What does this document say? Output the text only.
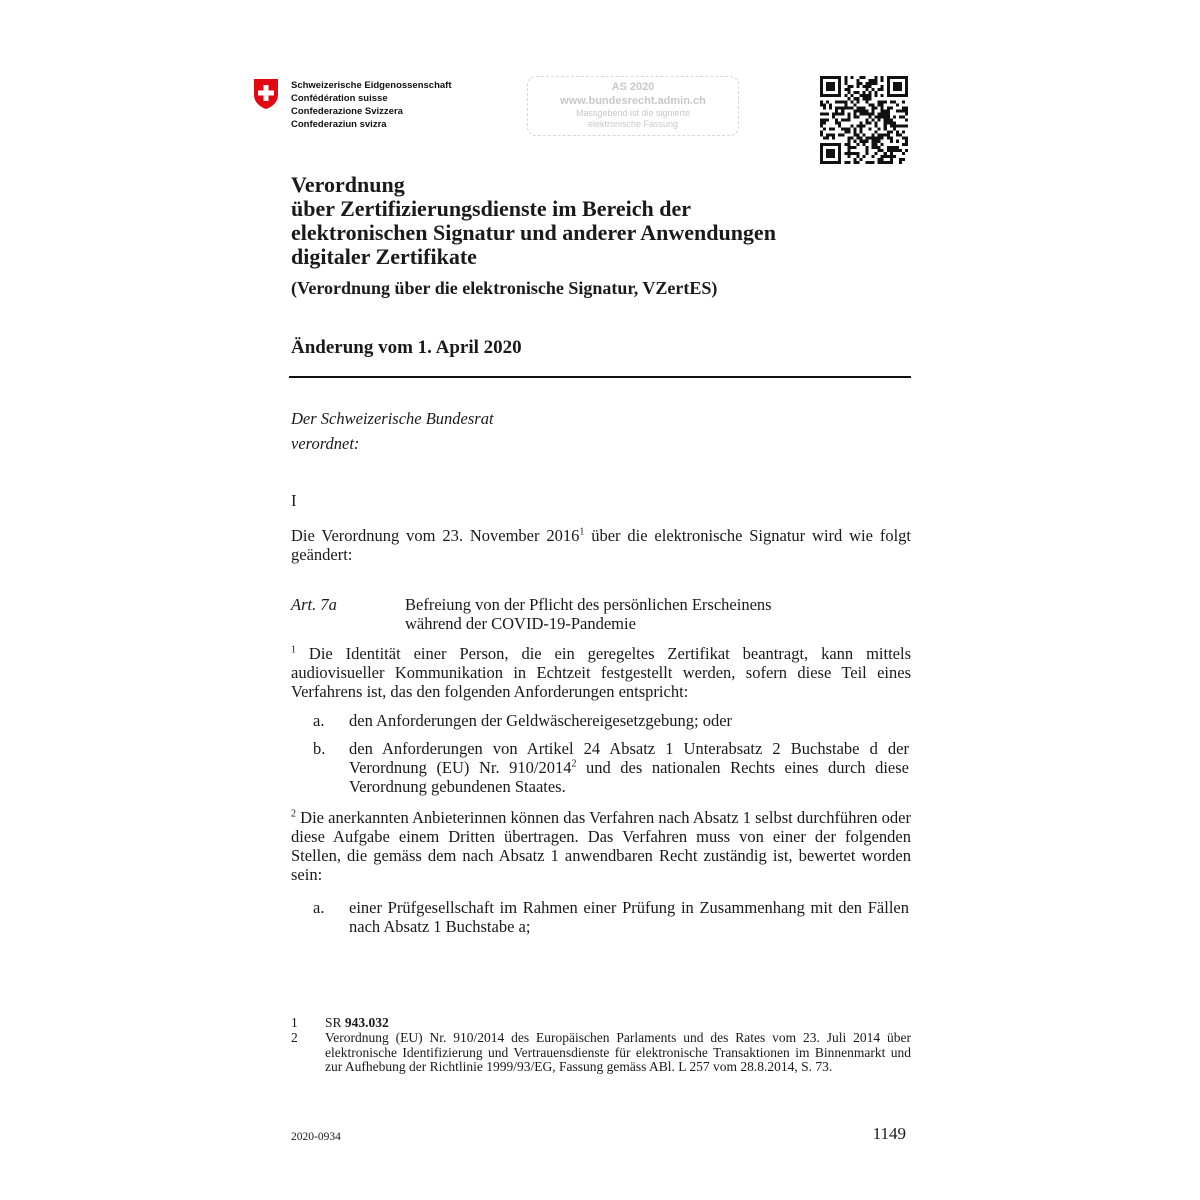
Schweizerische Eidgenossenschaft
Confédération suisse
Confederazione Svizzera
Confederaziun svizra
AS 2020
www.bundesrecht.admin.ch
Massgebend ist die signierte
elektronische Fassung
Verordnung
über Zertifizierungsdienste im Bereich der
elektronischen Signatur und anderer Anwendungen
digitaler Zertifikate
(Verordnung über die elektronische Signatur, VZertES)
Änderung vom 1. April 2020
Der Schweizerische Bundesrat
verordnet:
I
Die Verordnung vom 23. November 2016$^1$ über die elektronische Signatur wird wie folgt geändert:
Art. 7a	Befreiung von der Pflicht des persönlichen Erscheinens
während der COVID-19-Pandemie
$^1$ Die Identität einer Person, die ein geregeltes Zertifikat beantragt, kann mittels audiovisueller Kommunikation in Echtzeit festgestellt werden, sofern diese Teil eines Verfahrens ist, das den folgenden Anforderungen entspricht:
a. den Anforderungen der Geldwäschereigesetzgebung; oder
b. den Anforderungen von Artikel 24 Absatz 1 Unterabsatz 2 Buchstabe d der Verordnung (EU) Nr. 910/2014$^2$ und des nationalen Rechts eines durch diese Verordnung gebundenen Staates.
$^2$ Die anerkannten Anbieterinnen können das Verfahren nach Absatz 1 selbst durchführen oder diese Aufgabe einem Dritten übertragen. Das Verfahren muss von einer der folgenden Stellen, die gemäss dem nach Absatz 1 anwendbaren Recht zuständig ist, bewertet worden sein:
a. einer Prüfgesellschaft im Rahmen einer Prüfung in Zusammenhang mit den Fällen nach Absatz 1 Buchstabe a;
1 SR 943.032
2 Verordnung (EU) Nr. 910/2014 des Europäischen Parlaments und des Rates vom 23. Juli 2014 über elektronische Identifizierung und Vertrauensdienste für elektronische Transaktionen im Binnenmarkt und zur Aufhebung der Richtlinie 1999/93/EG, Fassung gemäss ABl. L 257 vom 28.8.2014, S. 73.
2020-0934	1149
